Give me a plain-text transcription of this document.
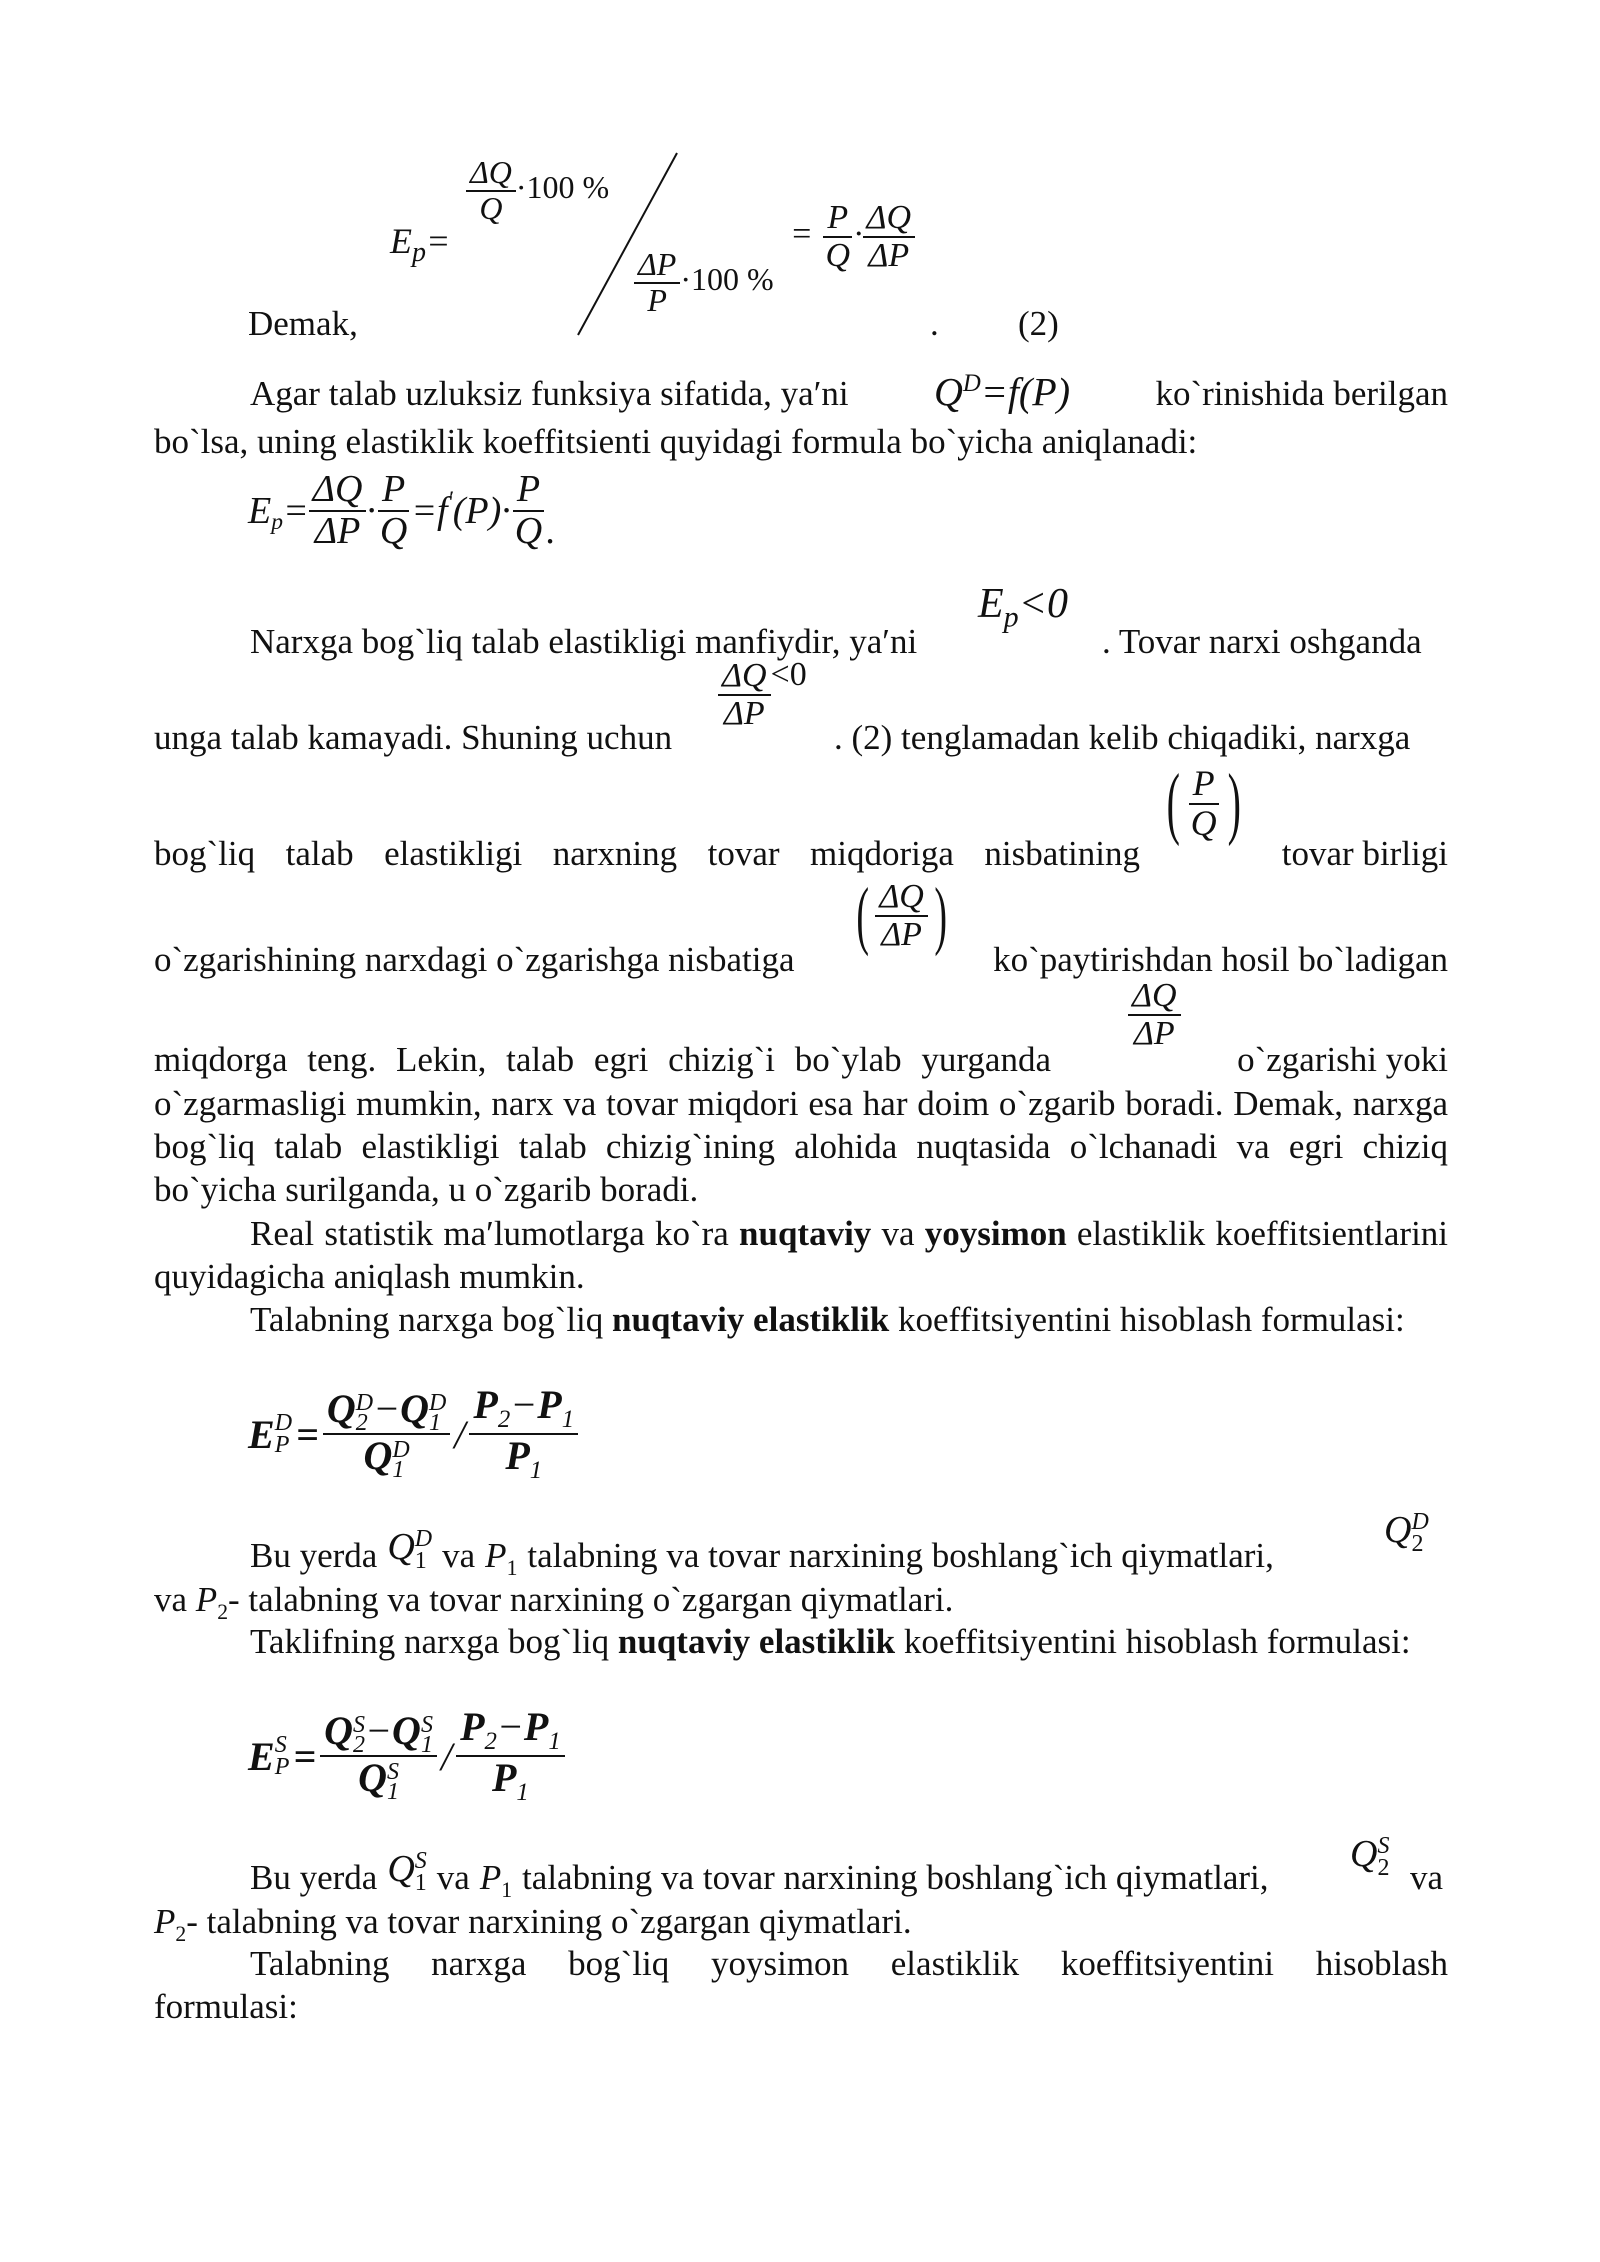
$E_p=$
$\frac{\Delta Q}{Q} \cdot 100$ %
$\frac{\Delta P}{P} \cdot 100$ %
= $\frac{P}{Q} \cdot \frac{\Delta Q}{\Delta P}$
Demak,	. (2)
Agar talab uzluksiz funksiya sifatida, ya′ni $Q^D=f(P)$ ko`rinishida berilgan
bo`lsa, uning elastiklik koeffitsienti quyidagi formula bo`yicha aniqlanadi:
$E_p = \frac{\Delta Q}{\Delta P} \cdot \frac{P}{Q} =f'$ $(P) \cdot \frac{P}{Q}$ .
Narxga bog`liq talab elastikligi manfiydir, ya′ni
$E_p<0$
. Tovar narxi oshganda
unga talab kamayadi. Shuning uchun
$\frac{\Delta Q}{\Delta P} <0$
. (2) tenglamadan kelib chiqadiki, narxga
bog`liq talab elastikligi narxning tovar miqdoriga nisbatining
( $\frac{P}{Q}$ )
tovar birligi
o`zgarishining narxdagi o`zgarishga nisbatiga
( $\frac{\Delta Q}{\Delta P}$ )
ko`paytirishdan hosil bo`ladigan
miqdorga teng. Lekin, talab egri chizig`i bo`ylab yurganda
$\frac{\Delta Q}{\Delta P}$
o`zgarishi yoki
o`zgarmasligi mumkin, narx va tovar miqdori esa har doim o`zgarib boradi. Demak, narxga bog`liq talab elastikligi talab chizig`ining alohida nuqtasida o`lchanadi va egri chiziq bo`yicha surilganda, u o`zgarib boradi.
Real statistik ma′lumotlarga ko`ra nuqtaviy va yoysimon elastiklik koeffitsientlarini quyidagicha aniqlash mumkin.
Talabning narxga bog`liq nuqtaviy elastiklik koeffitsiyentini hisoblash formulasi:
E D
P = Q D
2 −Q D
1
Q D
$1 / \frac{P_2-P_1}{P_1}$
Bu yerda Q D
1 va $P_1$ talabning va tovar narxining boshlang`ich qiymatlari,
Q D
2
va $P_2-$ talabning va tovar narxining o`zgargan qiymatlari.
Taklifning narxga bog`liq nuqtaviy elastiklik koeffitsiyentini hisoblash formulasi:
E S
P = Q S
2 −Q S
1
Q S
$1 / \frac{P_2-P_1}{P_1}$
Bu yerda Q S
1 va $P_1$ talabning va tovar narxining boshlang`ich qiymatlari,
Q S
2 va
$P_2-$ talabning va tovar narxining o`zgargan qiymatlari.
Talabning narxga bog`liq yoysimon elastiklik koeffitsiyentini hisoblash formulasi:
